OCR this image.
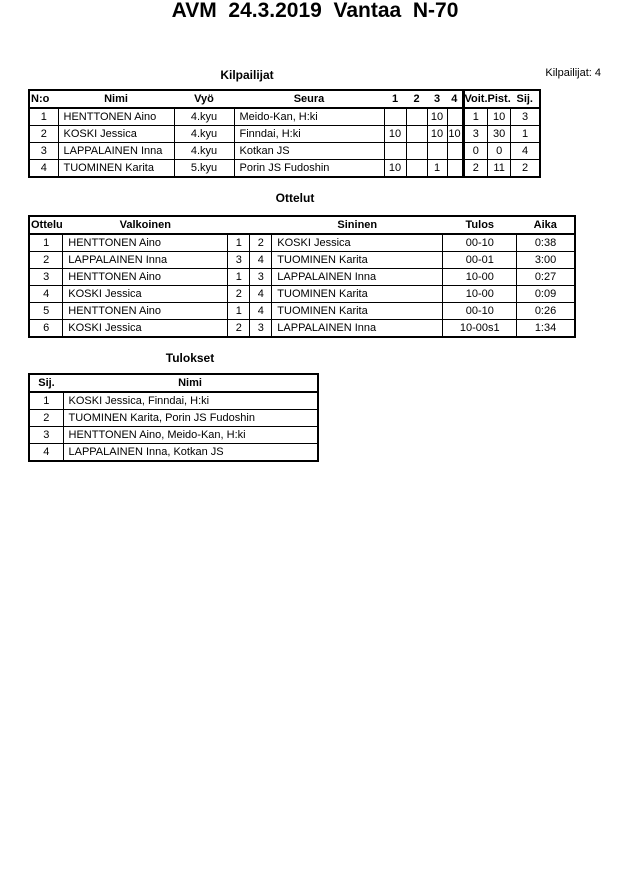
AVM  24.3.2019  Vantaa  N-70
Kilpailijat	Kilpailijat: 4
N:o	Nimi	Vyö	Seura	1	2	3	4	Voit.	Pist.	Sij.
1	HENTTONEN Aino	4.kyu	Meido-Kan, H:ki			10		1	10	3
2	KOSKI Jessica	4.kyu	Finndai, H:ki	10		10	10	3	30	1
3	LAPPALAINEN Inna	4.kyu	Kotkan JS					0	0	4
4	TUOMINEN Karita	5.kyu	Porin JS Fudoshin	10		1		2	11	2
Ottelut
Ottelu	Valkoinen			Sininen	Tulos	Aika
1	HENTTONEN Aino	1	2	KOSKI Jessica	00-10	0:38
2	LAPPALAINEN Inna	3	4	TUOMINEN Karita	00-01	3:00
3	HENTTONEN Aino	1	3	LAPPALAINEN Inna	10-00	0:27
4	KOSKI Jessica	2	4	TUOMINEN Karita	10-00	0:09
5	HENTTONEN Aino	1	4	TUOMINEN Karita	00-10	0:26
6	KOSKI Jessica	2	3	LAPPALAINEN Inna	10-00s1	1:34
Tulokset
Sij.	Nimi
1	KOSKI Jessica, Finndai, H:ki
2	TUOMINEN Karita, Porin JS Fudoshin
3	HENTTONEN Aino, Meido-Kan, H:ki
4	LAPPALAINEN Inna, Kotkan JS
